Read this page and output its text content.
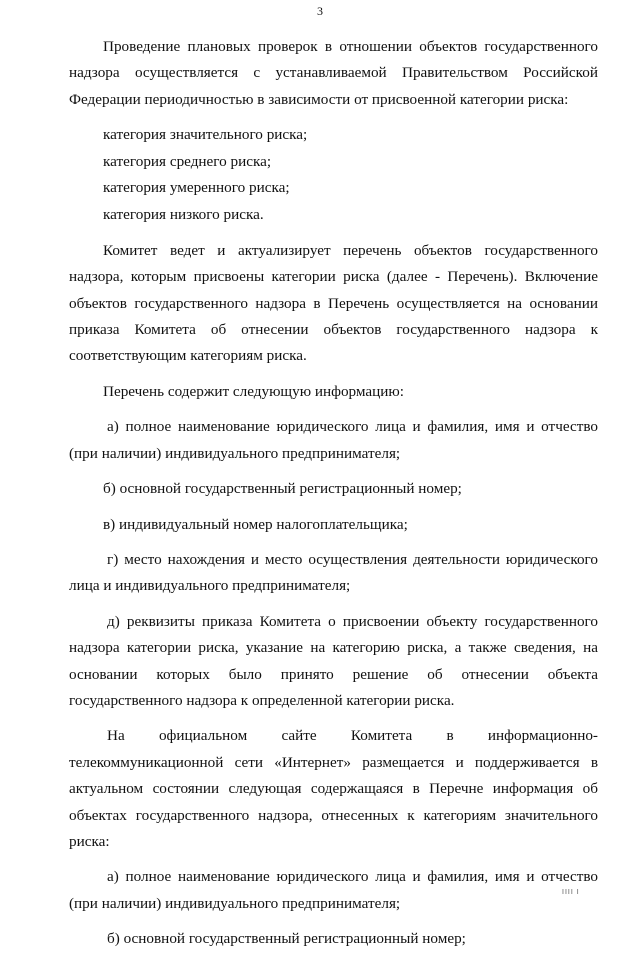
3

Проведение плановых проверок в отношении объектов государственного надзора осуществляется с устанавливаемой Правительством Российской Федерации периодичностью в зависимости от присвоенной категории риска:

категория значительного риска;

категория среднего риска;

категория умеренного риска;

категория низкого риска.

Комитет ведет и актуализирует перечень объектов государственного надзора, которым присвоены категории риска (далее - Перечень). Включение объектов государственного надзора в Перечень осуществляется на основании приказа Комитета об отнесении объектов государственного надзора к соответствующим категориям риска.

Перечень содержит следующую информацию:

а) полное наименование юридического лица и фамилия, имя и отчество (при наличии) индивидуального предпринимателя;

б) основной государственный регистрационный номер;

в) индивидуальный номер налогоплательщика;

г) место нахождения и место осуществления деятельности юридического лица и индивидуального предпринимателя;

д) реквизиты приказа Комитета о присвоении объекту государственного надзора категории риска, указание на категорию риска, а также сведения, на основании которых было принято решение об отнесении объекта государственного надзора к определенной категории риска.

На официальном сайте Комитета в информационно-телекоммуникационной сети «Интернет» размещается и поддерживается в актуальном состоянии следующая содержащаяся в Перечне информация об объектах государственного надзора, отнесенных к категориям значительного риска:

а) полное наименование юридического лица и фамилия, имя и отчество (при наличии) индивидуального предпринимателя;

б) основной государственный регистрационный номер;

ІІІІ І
